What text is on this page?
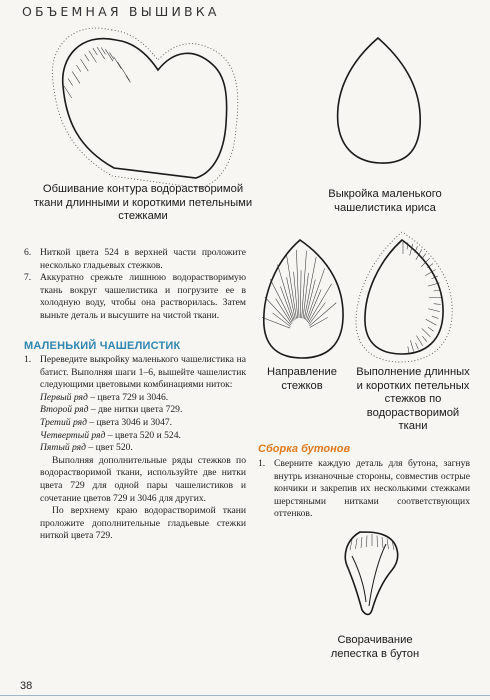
ОБЪЕМНАЯ ВЫШИВКА
Обшивание контура водорастворимой ткани длинными и короткими петельными стежками
Выкройка маленького чашелистика ириса
Направление стежков
Выполнение длинных и коротких петельных стежков по водорастворимой ткани
Сворачивание лепестка в бутон
6. Ниткой цвета 524 в верхней части проложите несколько гладьевых стежков.
7. Аккуратно срежьте лишнюю водорастворимую ткань вокруг чашелистика и погрузите ее в холодную воду, чтобы она растворилась. Затем выньте деталь и высушите на чистой ткани.
МАЛЕНЬКИЙ ЧАШЕЛИСТИК
1. Переведите выкройку маленького чашелистика на батист. Выполняя шаги 1–6, вышейте чашелистик следующими цветовыми комбинациями ниток:
Первый ряд – цвета 729 и 3046.
Второй ряд – две нитки цвета 729.
Третий ряд – цвета 3046 и 3047.
Четвертый ряд – цвета 520 и 524.
Пятый ряд – цвет 520.
Выполняя дополнительные ряды стежков по водорастворимой ткани, используйте две нитки цвета 729 для одной пары чашелистиков и сочетание цветов 729 и 3046 для других.
По верхнему краю водорастворимой ткани проложите дополнительные гладьевые стежки ниткой цвета 729.
Сборка бутонов
1. Сверните каждую деталь для бутона, загнув внутрь изнаночные стороны, совместив острые кончики и закрепив их несколькими стежками шерстяными нитками соответствующих оттенков.
38
